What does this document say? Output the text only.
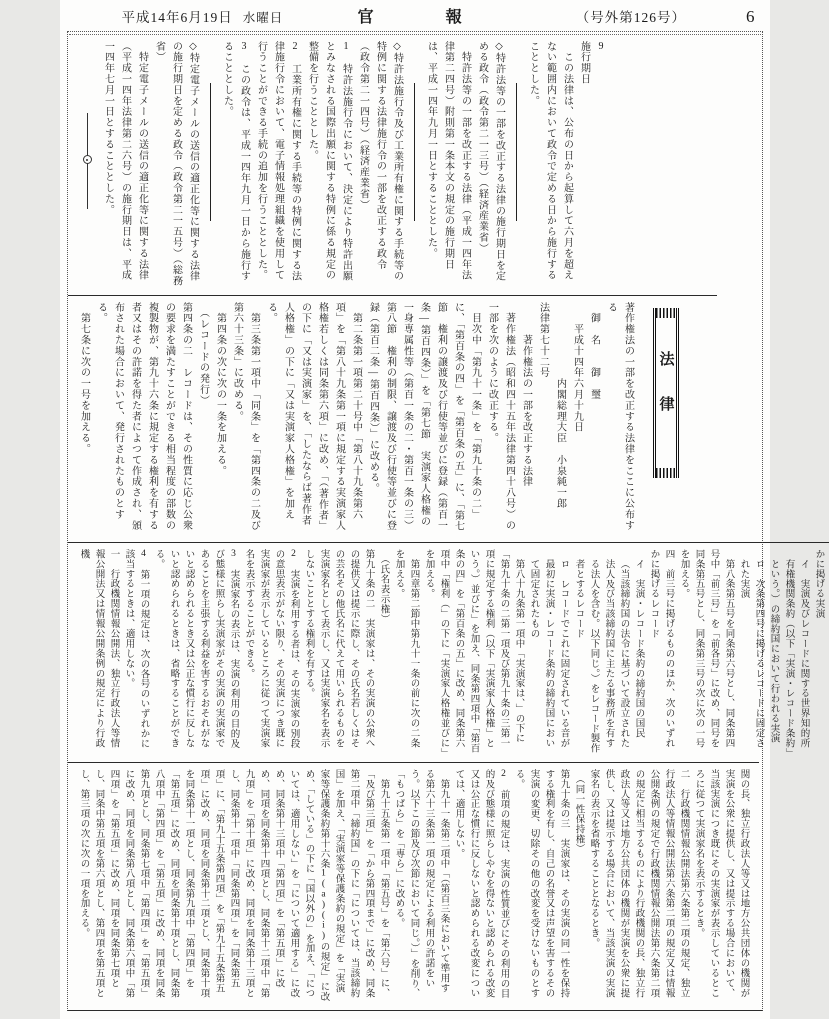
平成14年6月19日 水曜日	官報	（号外第126号）	6

9

施行期日

　この法律は、公布の日から起算して六月を超えない範囲内において政令で定める日から施行することとした。

◇特許法等の一部を改正する法律の施行期日を定める政令（政令第二一三号）（経済産業省）

　特許法等の一部を改正する法律（平成一四年法律第二四号）附則第一条本文の規定の施行期日は、平成一四年九月一日とすることとした。

◇特許法施行令及び工業所有権に関する手続等の特例に関する法律施行令の一部を改正する政令（政令第二一四号）（経済産業省）

1　特許法施行令において、決定により特許出願とみなされる国際出願に関する特例に係る規定の整備を行うこととした。

2　工業所有権に関する手続等の特例に関する法律施行令において、電子情報処理組織を使用して行うことができる手続の追加を行うこととした。

3　この政令は、平成一四年九月一日から施行することとした。

◇特定電子メールの送信の適正化等に関する法律の施行期日を定める政令（政令第二一五号）（総務省）

　特定電子メールの送信の適正化等に関する法律（平成一四年法律第二六号）の施行期日は、平成一四年七月一日とすることとした。

法律

著作権法の一部を改正する法律をここに公布する

　御　名　　御　璽

　　平成十四年六月十九日

　　　　　　　内閣総理大臣　小泉純一郎

法律第七十二号

　　　著作権法の一部を改正する法律

　著作権法（昭和四十五年法律第四十八号）の一部を次のように改正する。

　目次中「第九十一条」を「第九十条の二」に、「第百条の四」を「第百条の五」に、「第七節　権利の譲渡及び行使等並びに登録（第百一条―第百四条）」を「第七節　実演家人格権の一身専属性等（第百一条の二・第百一条の三）　第八節　権利の制限、譲渡及び行使等並びに登録（第百二条―第百四条）」に改める。

　第二条第一項第二十号中「第八十九条第六項」を「第八十九条第一項に規定する実演家人格権若しくは同条第六項」に改め、「（著作者」の下に「又は実演家」を、「したならば著作者人格権」の下に「又は実演家人格権」を加える。

　第三条第一項中「同条」を「第四条の二及び第六十三条」に改める。

　第四条の次に次の一条を加える。

　（レコードの発行）

第四条の二　レコードは、その性質に応じ公衆の要求を満たすことができる相当程度の部数の複製物が、第九十六条に規定する権利を有する者又はその許諾を得た者によつて作成され、頒布された場合において、発行されたものとする。

　第七条に次の一号を加える。

　かに掲げる実演

イ　実演及びレコードに関する世界知的所有権機関条約（以下「実演・レコード条約」という。）の締約国において行われる実演

ロ　次条第四号に掲げるレコードに固定された実演

　第八条第五号を同条第六号とし、同条第四号中「前三号」を「前各号」に改め、同号を同条第五号とし、同条第三号の次に次の一号を加える。

四　前三号に掲げるもののほか、次のいずれかに掲げるレコード

イ　実演・レコード条約の締約国の国民（当該締約国の法令に基づいて設立された法人及び当該締約国に主たる事務所を有する法人を含む。以下同じ。）をレコード製作者とするレコード

ロ　レコードでこれに固定されている音が最初に実演・レコード条約の締約国において固定されたもの

　第八十九条第一項中「実演家は、」の下に「第九十条の二第一項及び第九十条の三第一項に規定する権利（以下「実演家人格権」という。）並びに」を加え、同条第四項中「第百条の四」を「第百条の五」に改め、同条第六項中「権利（」の下に「実演家人格権並びに」を加える。

　第四章第二節中第九十一条の前に次の二条を加える。

　（氏名表示権）

第九十条の二　実演家は、その実演の公衆への提供又は提示に際し、その氏名若しくはその芸名その他氏名に代えて用いられるものを実演家名として表示し、又は実演家名を表示しないこととする権利を有する。

2　実演を利用する者は、その実演家の別段の意思表示がない限り、その実演につき既に実演家が表示しているところに従つて実演家名を表示することができる。

3　実演家名の表示は、実演の利用の目的及び態様に照らし実演家がその実演の実演家であることを主張する利益を害するおそれがないと認められるとき又は公正な慣行に反しないと認められるときは、省略することができる。

4　第一項の規定は、次の各号のいずれかに該当するときは、適用しない。

一　行政機関情報公開法、独立行政法人等情報公開法又は情報公開条例の規定により行政機

関の長、独立行政法人等又は地方公共団体の機関が実演を公衆に提供し、又は提示する場合において、当該実演につき既にその実演家が表示しているところに従つて実演家名を表示するとき。

二　行政機関情報公開法第六条第二項の規定、独立行政法人等情報公開法第六条第二項の規定又は情報公開条例の規定で行政機関情報公開法第六条第二項の規定に相当するものにより行政機関の長、独立行政法人等又は地方公共団体の機関が実演を公衆に提供し、又は提示する場合において、当該実演の実演家名の表示を省略することとなるとき。

　（同一性保持権）

第九十条の三　実演家は、その実演の同一性を保持する権利を有し、自己の名誉又は声望を害するその実演の変更、切除その他の改変を受けないものとする。

2　前項の規定は、実演の性質並びにその利用の目的及び態様に照らしやむを得ないと認められる改変又は公正な慣行に反しないと認められる改変については、適用しない。

　第九十一条第二項中「（第百三条において準用する第六十三条第一項の規定による利用の許諾をいう。以下この節及び次節において同じ。）」を削り、「もつぱら」を「専ら」に改める。

　第九十五条第一項中「第五号」を「第六号」に、「及び第三項」を「から第四項まで」に改め、同条第二項中「締約国」の下に「については、当該締約国」を加え、「実演家等保護条約の規定」を「実演家等保護条約第十六条1(a)(i)の規定」に改め、「している」の下に「国以外の」を加え、「については、適用しない」を「について適用する」に改め、同条第十三項中「第四項」を「第五項」に改め、同項を同条第十四項とし、同条第十二項中「第九項」を「第十項」に改め、同項を同条第十三項とし、同条第十一項中「同条第四項」を「同条第五項」に、「第九十五条第四項」を「第九十五条第五項」に改め、同項を同条第十二項とし、同条第十項を同条第十一項とし、同条第九項中「第四項」を「第五項」に改め、同項を同条第十項とし、同条第八項中「第四項」を「第五項」に改め、同項を同条第九項とし、同条第七項中「第四項」を「第五項」に改め、同項を同条第八項とし、同条第六項中「第四項」を「第五項」に改め、同項を同条第七項とし、同条中第五項を第六項とし、第四項を第五項とし、第三項の次に次の一項を加える。
